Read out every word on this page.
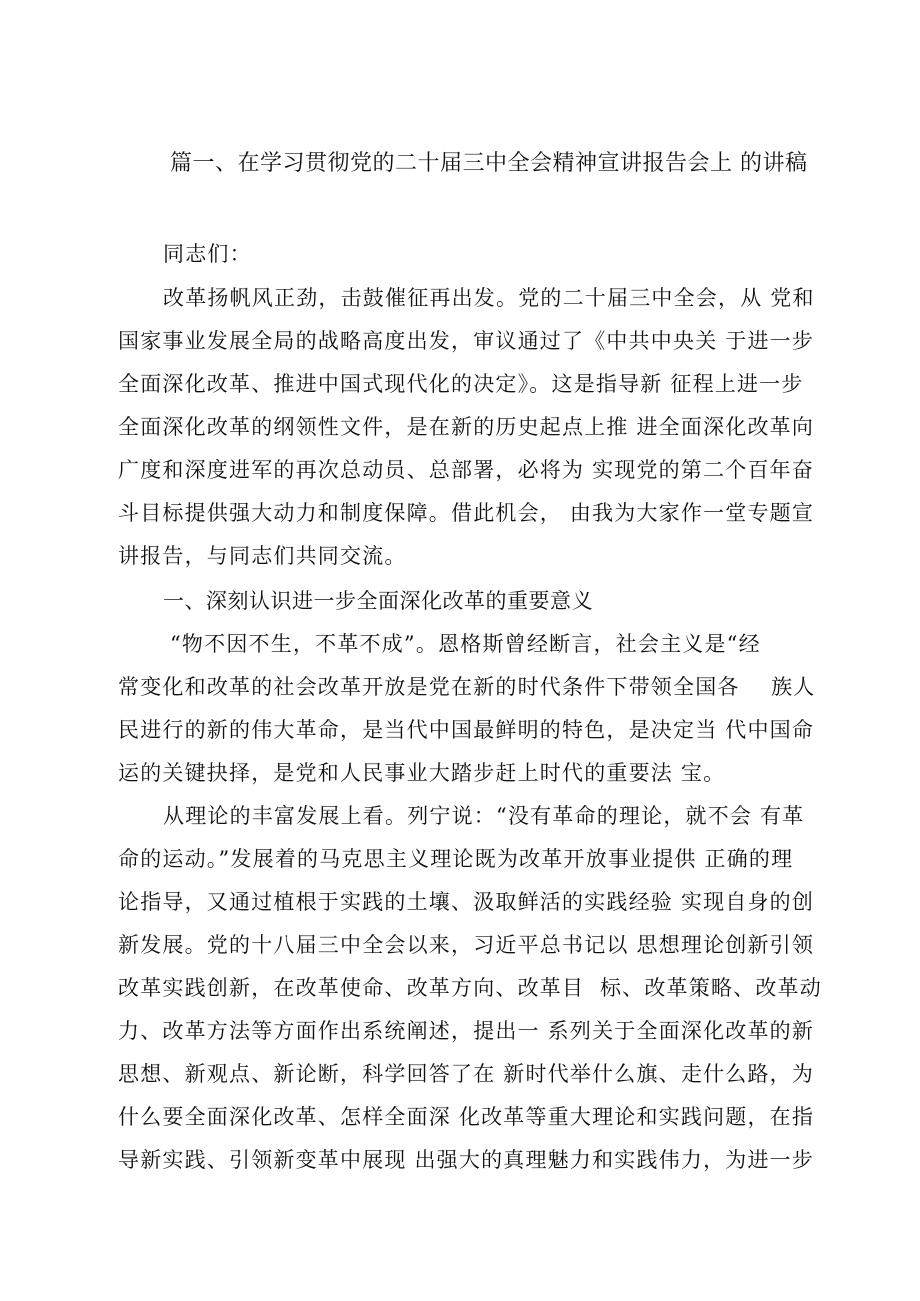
篇一、在学习贯彻党的二十届三中全会精神宣讲报告会上 的讲稿
同志们：
改革扬帆风正劲，击鼓催征再出发。党的二十届三中全会，从 党和
国家事业发展全局的战略高度出发，审议通过了《中共中央关 于进一步
全面深化改革、推进中国式现代化的决定》。这是指导新 征程上进一步
全面深化改革的纲领性文件，是在新的历史起点上推 进全面深化改革向
广度和深度进军的再次总动员、总部署，必将为 实现党的第二个百年奋
斗目标提供强大动力和制度保障。借此机会， 由我为大家作一堂专题宣
讲报告，与同志们共同交流。
一、深刻认识进一步全面深化改革的重要意义
“物不因不生，不革不成”。恩格斯曾经断言，社会主义是“经
常变化和改革的社会改革开放是党在新的时代条件下带领全国各    族人
民进行的新的伟大革命，是当代中国最鲜明的特色，是决定当 代中国命
运的关键抉择，是党和人民事业大踏步赶上时代的重要法 宝。
从理论的丰富发展上看。列宁说：“没有革命的理论，就不会 有革
命的运动。”发展着的马克思主义理论既为改革开放事业提供 正确的理
论指导，又通过植根于实践的土壤、汲取鲜活的实践经验 实现自身的创
新发展。党的十八届三中全会以来，习近平总书记以 思想理论创新引领
改革实践创新，在改革使命、改革方向、改革目  标、改革策略、改革动
力、改革方法等方面作出系统阐述，提出一 系列关于全面深化改革的新
思想、新观点、新论断，科学回答了在 新时代举什么旗、走什么路，为
什么要全面深化改革、怎样全面深 化改革等重大理论和实践问题，在指
导新实践、引领新变革中展现 出强大的真理魅力和实践伟力，为进一步
